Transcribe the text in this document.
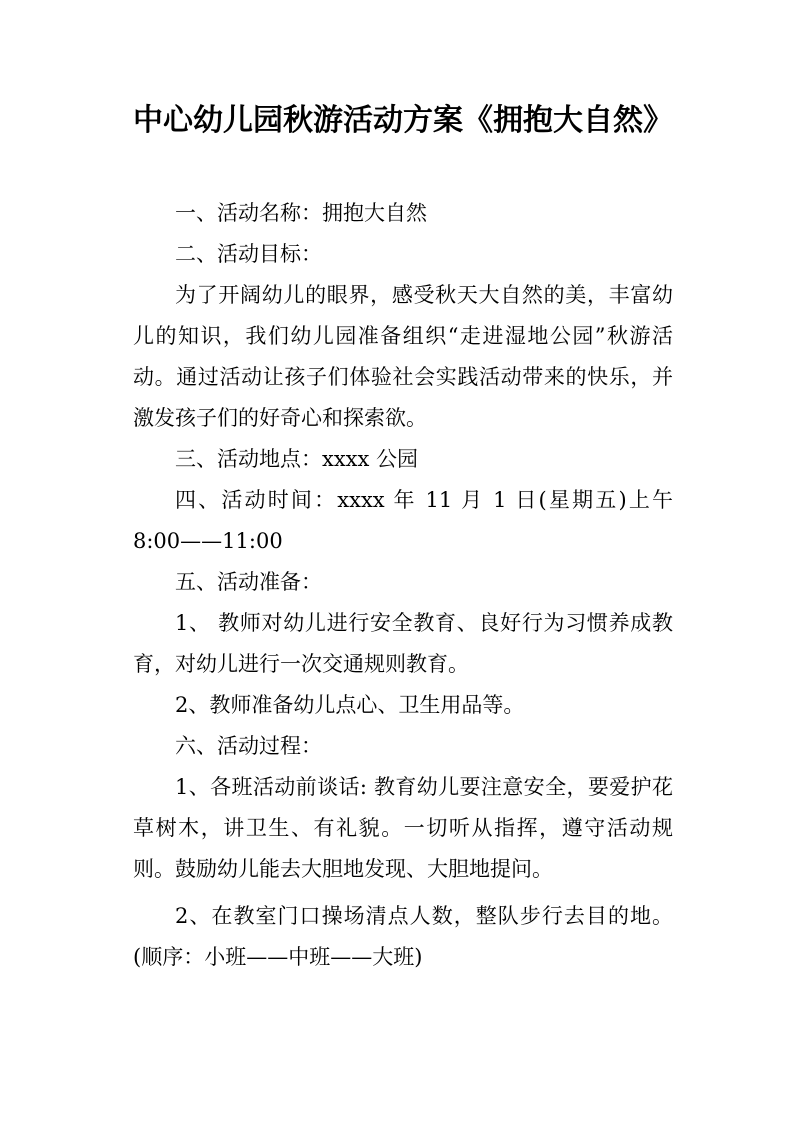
中心幼儿园秋游活动方案《拥抱大自然》

一、活动名称：拥抱大自然

二、活动目标：

为了开阔幼儿的眼界，感受秋天大自然的美，丰富幼儿的知识，我们幼儿园准备组织“走进湿地公园”秋游活动。通过活动让孩子们体验社会实践活动带来的快乐，并激发孩子们的好奇心和探索欲。

三、活动地点：xxxx 公园

四、活动时间：xxxx 年 11 月 1 日(星期五)上午 8:00——11:00

五、活动准备：

1、 教师对幼儿进行安全教育、良好行为习惯养成教育，对幼儿进行一次交通规则教育。

2、教师准备幼儿点心、卫生用品等。

六、活动过程：

1、各班活动前谈话: 教育幼儿要注意安全，要爱护花草树木，讲卫生、有礼貌。一切听从指挥，遵守活动规则。鼓励幼儿能去大胆地发现、大胆地提问。

2、在教室门口操场清点人数，整队步行去目的地。(顺序：小班——中班——大班)
